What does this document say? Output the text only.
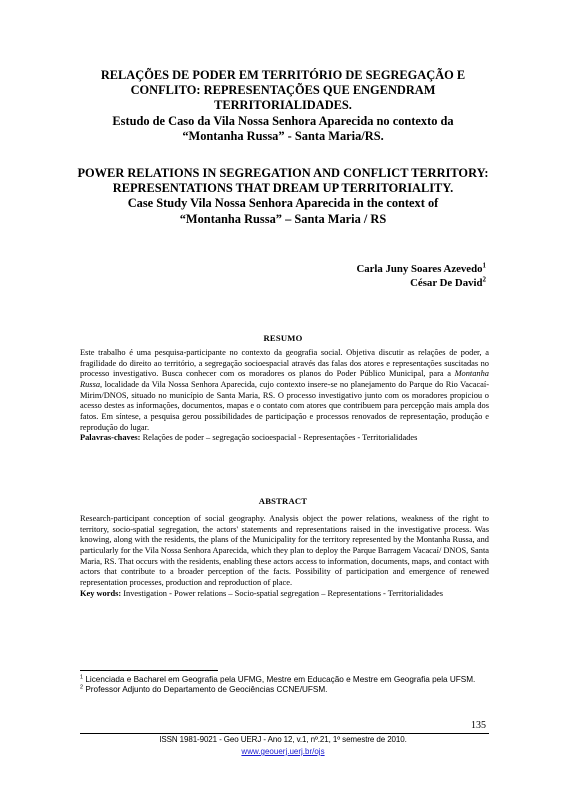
RELAÇÕES DE PODER EM TERRITÓRIO DE SEGREGAÇÃO E CONFLITO: REPRESENTAÇÕES QUE ENGENDRAM TERRITORIALIDADES.

Estudo de Caso da Vila Nossa Senhora Aparecida no contexto da

“Montanha Russa” - Santa Maria/RS.

POWER RELATIONS IN SEGREGATION AND CONFLICT TERRITORY: REPRESENTATIONS THAT DREAM UP TERRITORIALITY.

Case Study Vila Nossa Senhora Aparecida in the context of

“Montanha Russa” – Santa Maria / RS

Carla Juny Soares Azevedo$^1$
César De David$^2$
RESUMO

Este trabalho é uma pesquisa-participante no contexto da geografia social. Objetiva discutir as relações de poder, a fragilidade do direito ao território, a segregação socioespacial através das falas dos atores e representações suscitadas no processo investigativo. Busca conhecer com os moradores os planos do Poder Público Municipal, para a Montanha Russa, localidade da Vila Nossa Senhora Aparecida, cujo contexto insere-se no planejamento do Parque do Rio Vacacaí-Mirim/DNOS, situado no município de Santa Maria, RS. O processo investigativo junto com os moradores propiciou o acesso destes as informações, documentos, mapas e o contato com atores que contribuem para percepção mais ampla dos fatos. Em síntese, a pesquisa gerou possibilidades de participação e processos renovados de representação, produção e reprodução do lugar.

Palavras-chaves: Relações de poder – segregação socioespacial - Representações - Territorialidades

ABSTRACT

Research-participant conception of social geography. Analysis object the power relations, weakness of the right to territory, socio-spatial segregation, the actors' statements and representations raised in the investigative process. Was knowing, along with the residents, the plans of the Municipality for the territory represented by the Montanha Russa, and particularly for the Vila Nossa Senhora Aparecida, which they plan to deploy the Parque Barragem Vacacaí/ DNOS, Santa Maria, RS. That occurs with the residents, enabling these actors access to information, documents, maps, and contact with actors that contribute to a broader perception of the facts. Possibility of participation and emergence of renewed representation processes, production and reproduction of place.

Key words: Investigation - Power relations – Socio-spatial segregation – Representations - Territorialidades

$^1$ Licenciada e Bacharel em Geografia pela UFMG, Mestre em Educação e Mestre em Geografia pela UFSM.

$^2$ Professor Adjunto do Departamento de Geociências CCNE/UFSM.

135
ISSN 1981-9021 - Geo UERJ - Ano 12, v.1, nº.21, 1º semestre de 2010.
www.geouerj.uerj.br/ojs
